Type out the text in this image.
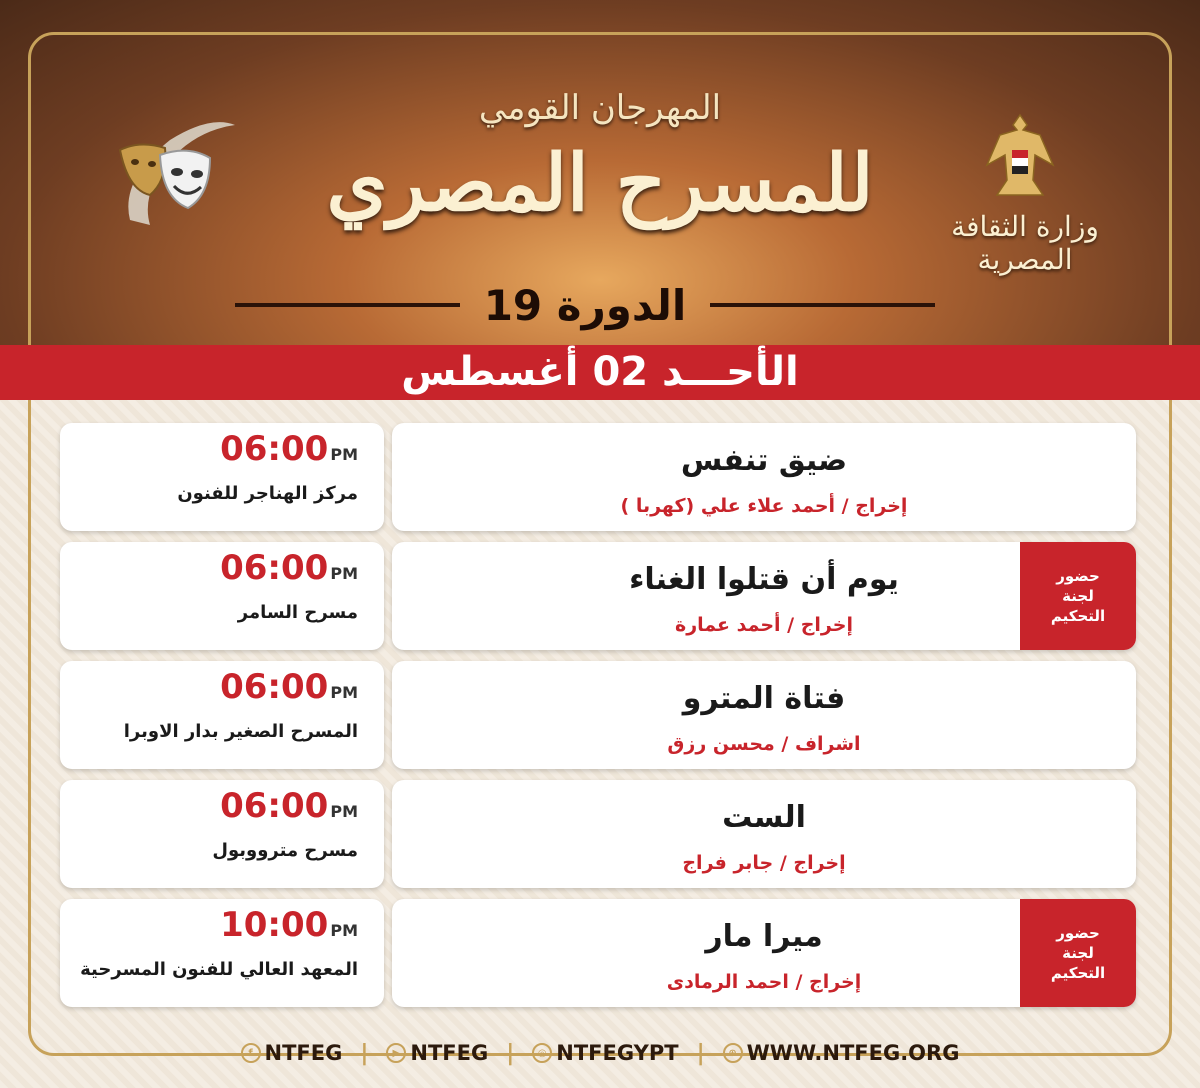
المهرجان القومي
للمسرح المصري
الدورة 19
وزارة الثقافة المصرية
الأحـــد 02 أغسطس
06:00 PM
مركز الهناجر للفنون
ضيق تنفس
إخراج / أحمد علاء علي (كهربا )
06:00 PM
مسرح السامر
يوم أن قتلوا الغناء
إخراج / أحمد عمارة
حضور
لجنة
التحكيم
06:00 PM
المسرح الصغير بدار الاوبرا
فتاة المترو
اشراف / محسن رزق
06:00 PM
مسرح مترووبول
الست
إخراج / جابر فراج
10:00 PM
المعهد العالي للفنون المسرحية
ميرا مار
إخراج / احمد الرمادى
حضور
لجنة
التحكيم
f NTFEG |	▶ NTFEG |	◎ NTFEGYPT |	⊕ WWW.NTFEG.ORG
